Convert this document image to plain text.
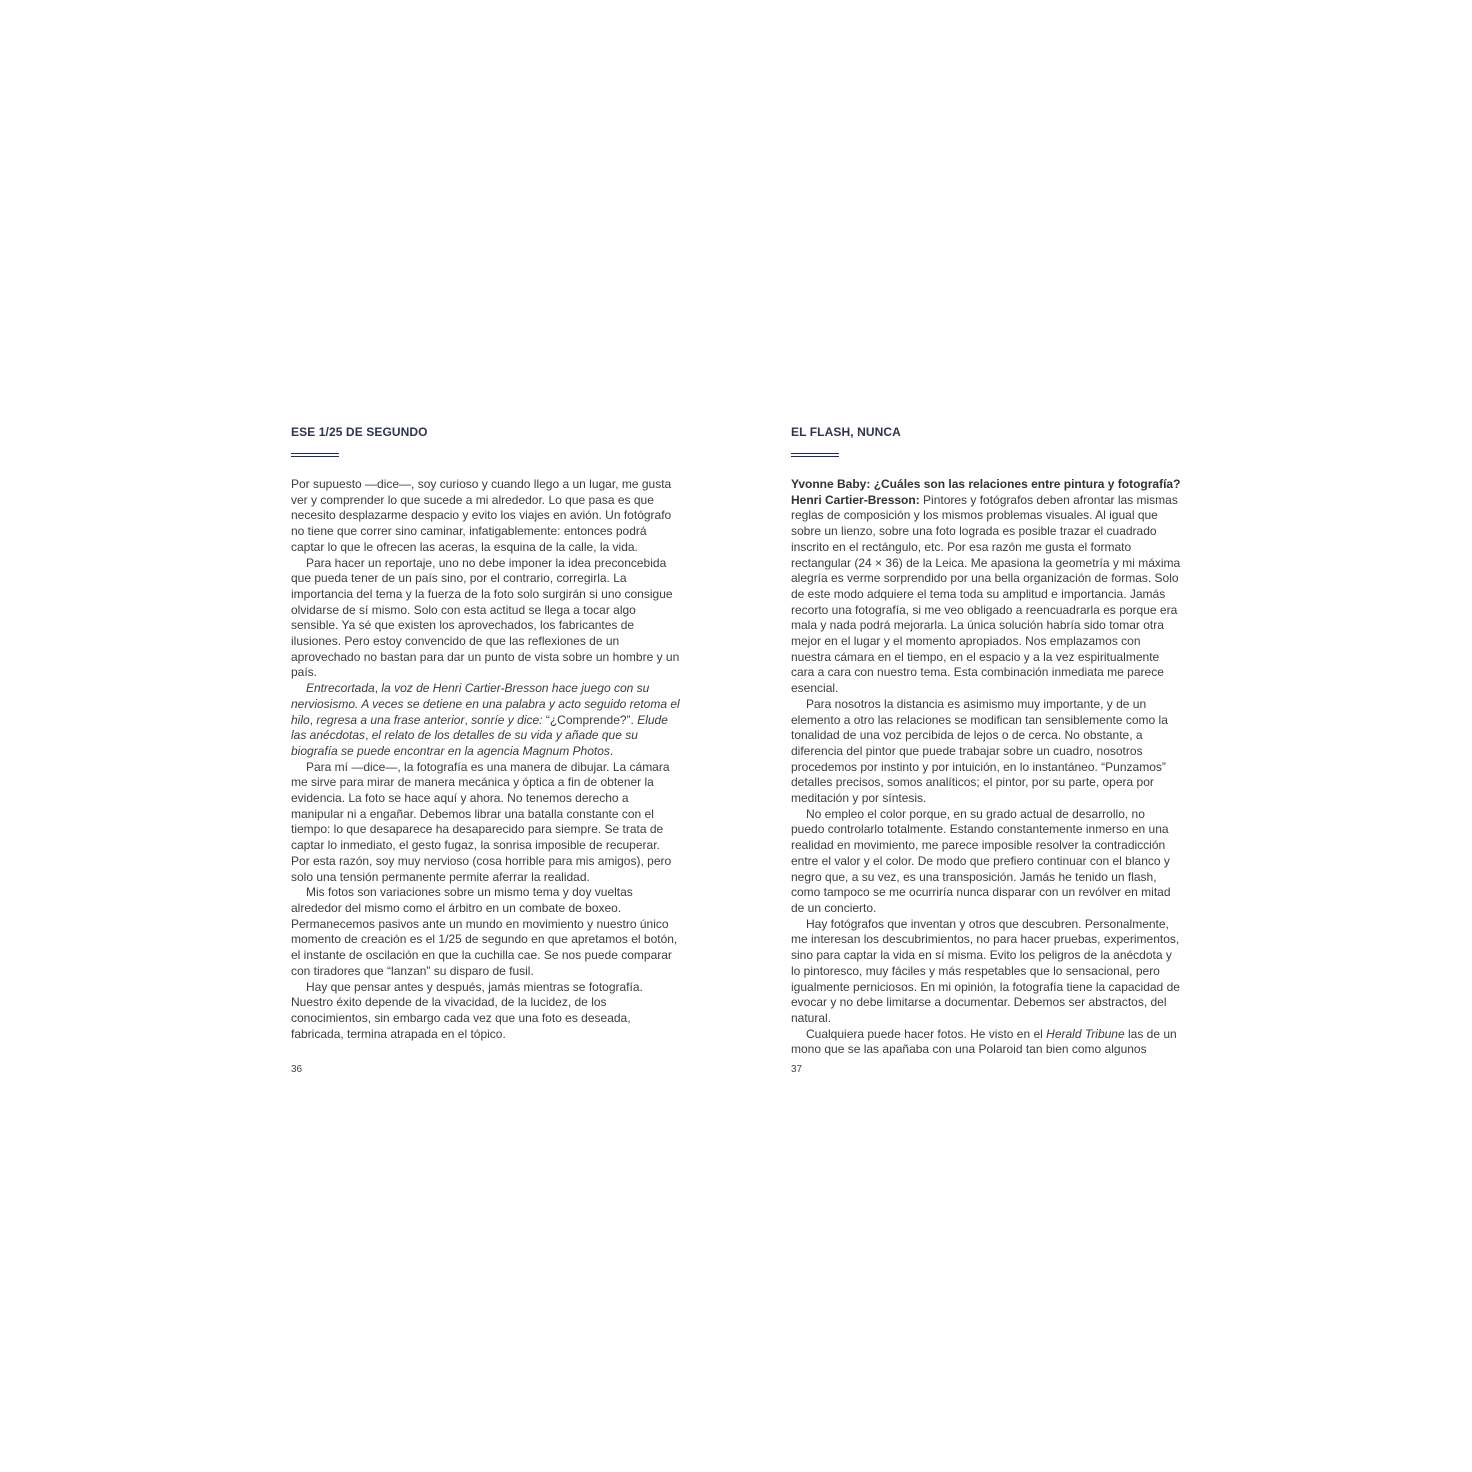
ESE 1/25 DE SEGUNDO

Por supuesto —dice—, soy curioso y cuando llego a un lugar, me gusta ver y comprender lo que sucede a mi alrededor. Lo que pasa es que necesito desplazarme despacio y evito los viajes en avión. Un fotógrafo no tiene que correr sino caminar, infatigablemente: entonces podrá captar lo que le ofrecen las aceras, la esquina de la calle, la vida.

Para hacer un reportaje, uno no debe imponer la idea preconcebida que pueda tener de un país sino, por el contrario, corregirla. La importancia del tema y la fuerza de la foto solo surgirán si uno consigue olvidarse de sí mismo. Solo con esta actitud se llega a tocar algo sensible. Ya sé que existen los aprovechados, los fabricantes de ilusiones. Pero estoy convencido de que las reflexiones de un aprovechado no bastan para dar un punto de vista sobre un hombre y un país.

Entrecortada, la voz de Henri Cartier-Bresson hace juego con su nerviosismo. A veces se detiene en una palabra y acto seguido retoma el hilo, regresa a una frase anterior, sonríe y dice: “¿Comprende?”. Elude las anécdotas, el relato de los detalles de su vida y añade que su biografía se puede encontrar en la agencia Magnum Photos.

Para mí —dice—, la fotografía es una manera de dibujar. La cámara me sirve para mirar de manera mecánica y óptica a fin de obtener la evidencia. La foto se hace aquí y ahora. No tenemos derecho a manipular ni a engañar. Debemos librar una batalla constante con el tiempo: lo que desaparece ha desaparecido para siempre. Se trata de captar lo inmediato, el gesto fugaz, la sonrisa imposible de recuperar. Por esta razón, soy muy nervioso (cosa horrible para mis amigos), pero solo una tensión permanente permite aferrar la realidad.

Mis fotos son variaciones sobre un mismo tema y doy vueltas alrededor del mismo como el árbitro en un combate de boxeo. Permanecemos pasivos ante un mundo en movimiento y nuestro único momento de creación es el 1/25 de segundo en que apretamos el botón, el instante de oscilación en que la cuchilla cae. Se nos puede comparar con tiradores que “lanzan” su disparo de fusil.

Hay que pensar antes y después, jamás mientras se fotografía. Nuestro éxito depende de la vivacidad, de la lucidez, de los conocimientos, sin embargo cada vez que una foto es deseada, fabricada, termina atrapada en el tópico.

36
EL FLASH, NUNCA

Yvonne Baby: ¿Cuáles son las relaciones entre pintura y fotografía?

Henri Cartier-Bresson: Pintores y fotógrafos deben afrontar las mismas reglas de composición y los mismos problemas visuales. Al igual que sobre un lienzo, sobre una foto lograda es posible trazar el cuadrado inscrito en el rectángulo, etc. Por esa razón me gusta el formato rectangular (24 × 36) de la Leica. Me apasiona la geometría y mi máxima alegría es verme sorprendido por una bella organización de formas. Solo de este modo adquiere el tema toda su amplitud e importancia. Jamás recorto una fotografía, si me veo obligado a reencuadrarla es porque era mala y nada podrá mejorarla. La única solución habría sido tomar otra mejor en el lugar y el momento apropiados. Nos emplazamos con nuestra cámara en el tiempo, en el espacio y a la vez espiritualmente cara a cara con nuestro tema. Esta combinación inmediata me parece esencial.

Para nosotros la distancia es asimismo muy importante, y de un elemento a otro las relaciones se modifican tan sensiblemente como la tonalidad de una voz percibida de lejos o de cerca. No obstante, a diferencia del pintor que puede trabajar sobre un cuadro, nosotros procedemos por instinto y por intuición, en lo instantáneo. “Punzamos” detalles precisos, somos analíticos; el pintor, por su parte, opera por meditación y por síntesis.

No empleo el color porque, en su grado actual de desarrollo, no puedo controlarlo totalmente. Estando constantemente inmerso en una realidad en movimiento, me parece imposible resolver la contradicción entre el valor y el color. De modo que prefiero continuar con el blanco y negro que, a su vez, es una transposición. Jamás he tenido un flash, como tampoco se me ocurriría nunca disparar con un revólver en mitad de un concierto.

Hay fotógrafos que inventan y otros que descubren. Personalmente, me interesan los descubrimientos, no para hacer pruebas, experimentos, sino para captar la vida en sí misma. Evito los peligros de la anécdota y lo pintoresco, muy fáciles y más respetables que lo sensacional, pero igualmente perniciosos. En mi opinión, la fotografía tiene la capacidad de evocar y no debe limitarse a documentar. Debemos ser abstractos, del natural.

Cualquiera puede hacer fotos. He visto en el Herald Tribune las de un mono que se las apañaba con una Polaroid tan bien como algunos

37
